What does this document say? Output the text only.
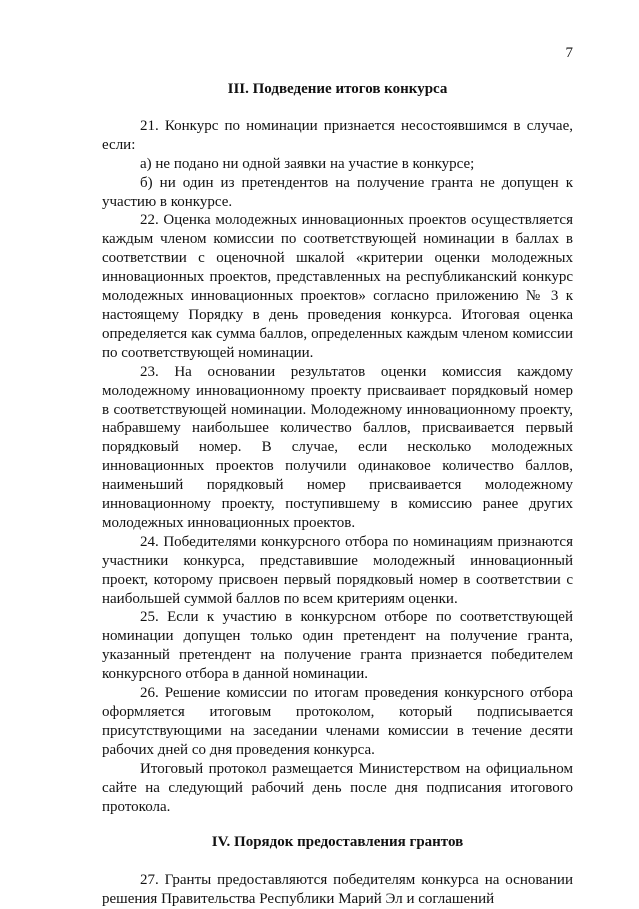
7
III. Подведение итогов конкурса

21. Конкурс по номинации признается несостоявшимся в случае, если:

а) не подано ни одной заявки на участие в конкурсе;

б) ни один из претендентов на получение гранта не допущен к участию в конкурсе.

22. Оценка молодежных инновационных проектов осуществляется каждым членом комиссии по соответствующей номинации в баллах в соответствии с оценочной шкалой «критерии оценки молодежных инновационных проектов, представленных на республиканский конкурс молодежных инновационных проектов» согласно приложению № 3 к настоящему Порядку в день проведения конкурса. Итоговая оценка определяется как сумма баллов, определенных каждым членом комиссии по соответствующей номинации.

23. На основании результатов оценки комиссия каждому молодежному инновационному проекту присваивает порядковый номер в соответствующей номинации. Молодежному инновационному проекту, набравшему наибольшее количество баллов, присваивается первый порядковый номер. В случае, если несколько молодежных инновационных проектов получили одинаковое количество баллов, наименьший порядковый номер присваивается молодежному инновационному проекту, поступившему в комиссию ранее других молодежных инновационных проектов.

24. Победителями конкурсного отбора по номинациям признаются участники конкурса, представившие молодежный инновационный проект, которому присвоен первый порядковый номер в соответствии с наибольшей суммой баллов по всем критериям оценки.

25. Если к участию в конкурсном отборе по соответствующей номинации допущен только один претендент на получение гранта, указанный претендент на получение гранта признается победителем конкурсного отбора в данной номинации.

26. Решение комиссии по итогам проведения конкурсного отбора оформляется итоговым протоколом, который подписывается присутствующими на заседании членами комиссии в течение десяти рабочих дней со дня проведения конкурса.

Итоговый протокол размещается Министерством на официальном сайте на следующий рабочий день после дня подписания итогового протокола.

IV. Порядок предоставления грантов

27. Гранты предоставляются победителям конкурса на основании решения Правительства Республики Марий Эл и соглашений
